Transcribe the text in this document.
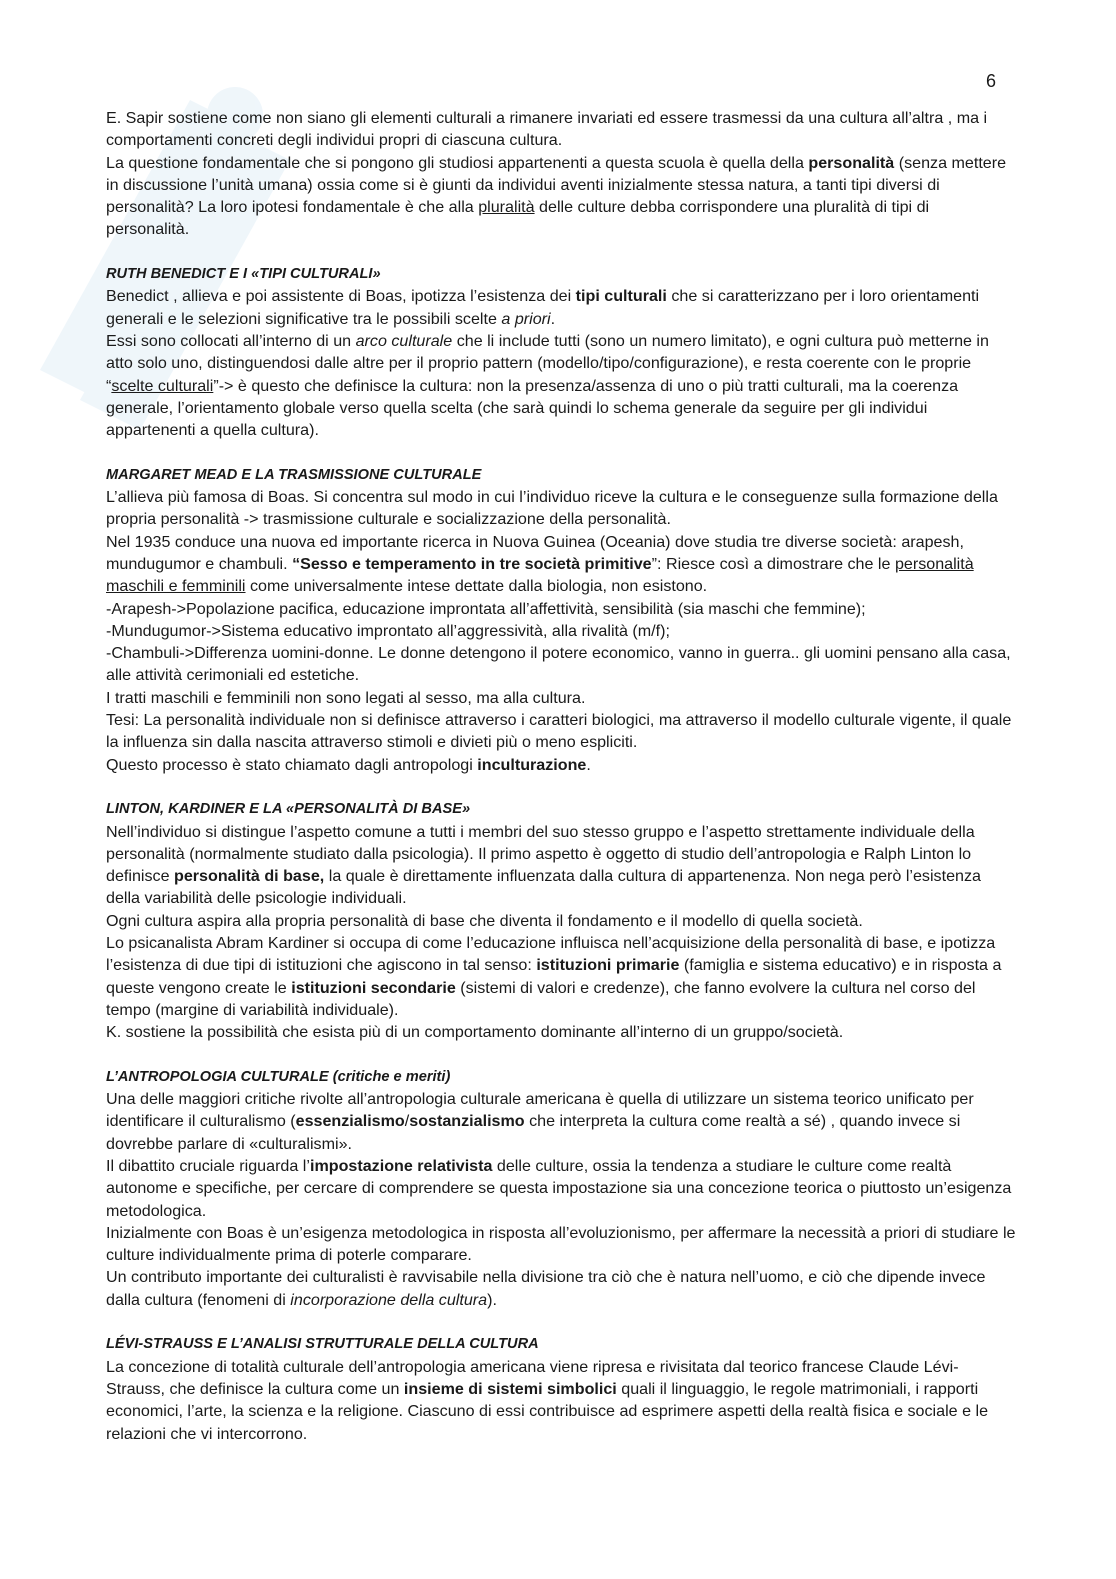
6

E. Sapir sostiene come non siano gli elementi culturali a rimanere invariati ed essere trasmessi da una cultura all’altra , ma i comportamenti concreti degli individui propri di ciascuna cultura.

La questione fondamentale che si pongono gli studiosi appartenenti a questa scuola è quella della personalità (senza mettere in discussione l’unità umana) ossia come si è giunti da individui aventi inizialmente stessa natura, a tanti tipi diversi di personalità? La loro ipotesi fondamentale è che alla pluralità delle culture debba corrispondere una pluralità di tipi di personalità.

RUTH BENEDICT E I «TIPI CULTURALI»

Benedict , allieva e poi assistente di Boas, ipotizza l’esistenza dei tipi culturali che si caratterizzano per i loro orientamenti generali e le selezioni significative tra le possibili scelte a priori.

Essi sono collocati all’interno di un arco culturale che li include tutti (sono un numero limitato), e ogni cultura può metterne in atto solo uno, distinguendosi dalle altre per il proprio pattern (modello/tipo/configurazione), e resta coerente con le proprie “scelte culturali”-> è questo che definisce la cultura: non la presenza/assenza di uno o più tratti culturali, ma la coerenza generale, l’orientamento globale verso quella scelta (che sarà quindi lo schema generale da seguire per gli individui appartenenti a quella cultura).

MARGARET MEAD E LA TRASMISSIONE CULTURALE

L’allieva più famosa di Boas. Si concentra sul modo in cui l’individuo riceve la cultura e le conseguenze sulla formazione della propria personalità -> trasmissione culturale e socializzazione della personalità.

Nel 1935 conduce una nuova ed importante ricerca in Nuova Guinea (Oceania) dove studia tre diverse società: arapesh, mundugumor e chambuli. “Sesso e temperamento in tre società primitive”: Riesce così a dimostrare che le personalità maschili e femminili come universalmente intese dettate dalla biologia, non esistono.

-Arapesh->Popolazione pacifica, educazione improntata all’affettività, sensibilità (sia maschi che femmine);

-Mundugumor->Sistema educativo improntato all’aggressività, alla rivalità (m/f);

-Chambuli->Differenza uomini-donne. Le donne detengono il potere economico, vanno in guerra.. gli uomini pensano alla casa, alle attività cerimoniali ed estetiche.

I tratti maschili e femminili non sono legati al sesso, ma alla cultura.

Tesi: La personalità individuale non si definisce attraverso i caratteri biologici, ma attraverso il modello culturale vigente, il quale la influenza sin dalla nascita attraverso stimoli e divieti più o meno espliciti.

Questo processo è stato chiamato dagli antropologi inculturazione.

LINTON, KARDINER E LA «PERSONALITÀ DI BASE»

Nell’individuo si distingue l’aspetto comune a tutti i membri del suo stesso gruppo e l’aspetto strettamente individuale della personalità (normalmente studiato dalla psicologia). Il primo aspetto è oggetto di studio dell’antropologia e Ralph Linton lo definisce personalità di base, la quale è direttamente influenzata dalla cultura di appartenenza. Non nega però l’esistenza della variabilità delle psicologie individuali.

Ogni cultura aspira alla propria personalità di base che diventa il fondamento e il modello di quella società.

Lo psicanalista Abram Kardiner si occupa di come l’educazione influisca nell’acquisizione della personalità di base, e ipotizza l’esistenza di due tipi di istituzioni che agiscono in tal senso: istituzioni primarie (famiglia e sistema educativo) e in risposta a queste vengono create le istituzioni secondarie (sistemi di valori e credenze), che fanno evolvere la cultura nel corso del tempo (margine di variabilità individuale).

K. sostiene la possibilità che esista più di un comportamento dominante all’interno di un gruppo/società.

L’ANTROPOLOGIA CULTURALE (critiche e meriti)

Una delle maggiori critiche rivolte all’antropologia culturale americana è quella di utilizzare un sistema teorico unificato per identificare il culturalismo (essenzialismo/sostanzialismo che interpreta la cultura come realtà a sé) , quando invece si dovrebbe parlare di «culturalismi».

Il dibattito cruciale riguarda l’impostazione relativista delle culture, ossia la tendenza a studiare le culture come realtà autonome e specifiche, per cercare di comprendere se questa impostazione sia una concezione teorica o piuttosto un’esigenza metodologica.

Inizialmente con Boas è un’esigenza metodologica in risposta all’evoluzionismo, per affermare la necessità a priori di studiare le culture individualmente prima di poterle comparare.

Un contributo importante dei culturalisti è ravvisabile nella divisione tra ciò che è natura nell’uomo, e ciò che dipende invece dalla cultura (fenomeni di incorporazione della cultura).

LÉVI-STRAUSS E L’ANALISI STRUTTURALE DELLA CULTURA

La concezione di totalità culturale dell’antropologia americana viene ripresa e rivisitata dal teorico francese Claude Lévi-Strauss, che definisce la cultura come un insieme di sistemi simbolici quali il linguaggio, le regole matrimoniali, i rapporti economici, l’arte, la scienza e la religione. Ciascuno di essi contribuisce ad esprimere aspetti della realtà fisica e sociale e le relazioni che vi intercorrono.
